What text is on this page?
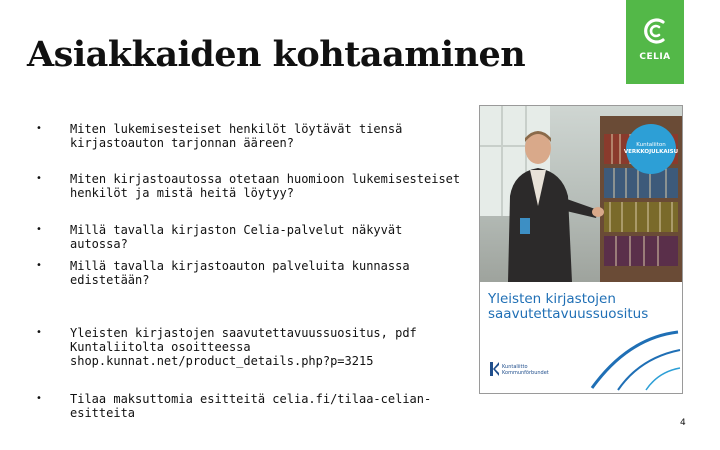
Asiakkaiden kohtaaminen	CELIA
•	Miten lukemisesteiset henkilöt löytävät tiensä kirjastoauton tarjonnan ääreen?
•	Miten kirjastoautossa otetaan huomioon lukemisesteiset henkilöt ja mistä heitä löytyy?
•	Millä tavalla kirjaston Celia-palvelut näkyvät autossa?
•	Millä tavalla kirjastoauton palveluita kunnassa edistetään?
•	Yleisten kirjastojen saavutettavuussuositus, pdf Kuntaliitolta osoitteessa shop.kunnat.net/product_details.php?p=3215
•	Tilaa maksuttomia esitteitä celia.fi/tilaa-celian-esitteita
Kuntaliiton
VERKKOJULKAISU
Yleisten kirjastojen
saavutettavuussuositus
Kuntaliitto
Kommunförbundet
4
